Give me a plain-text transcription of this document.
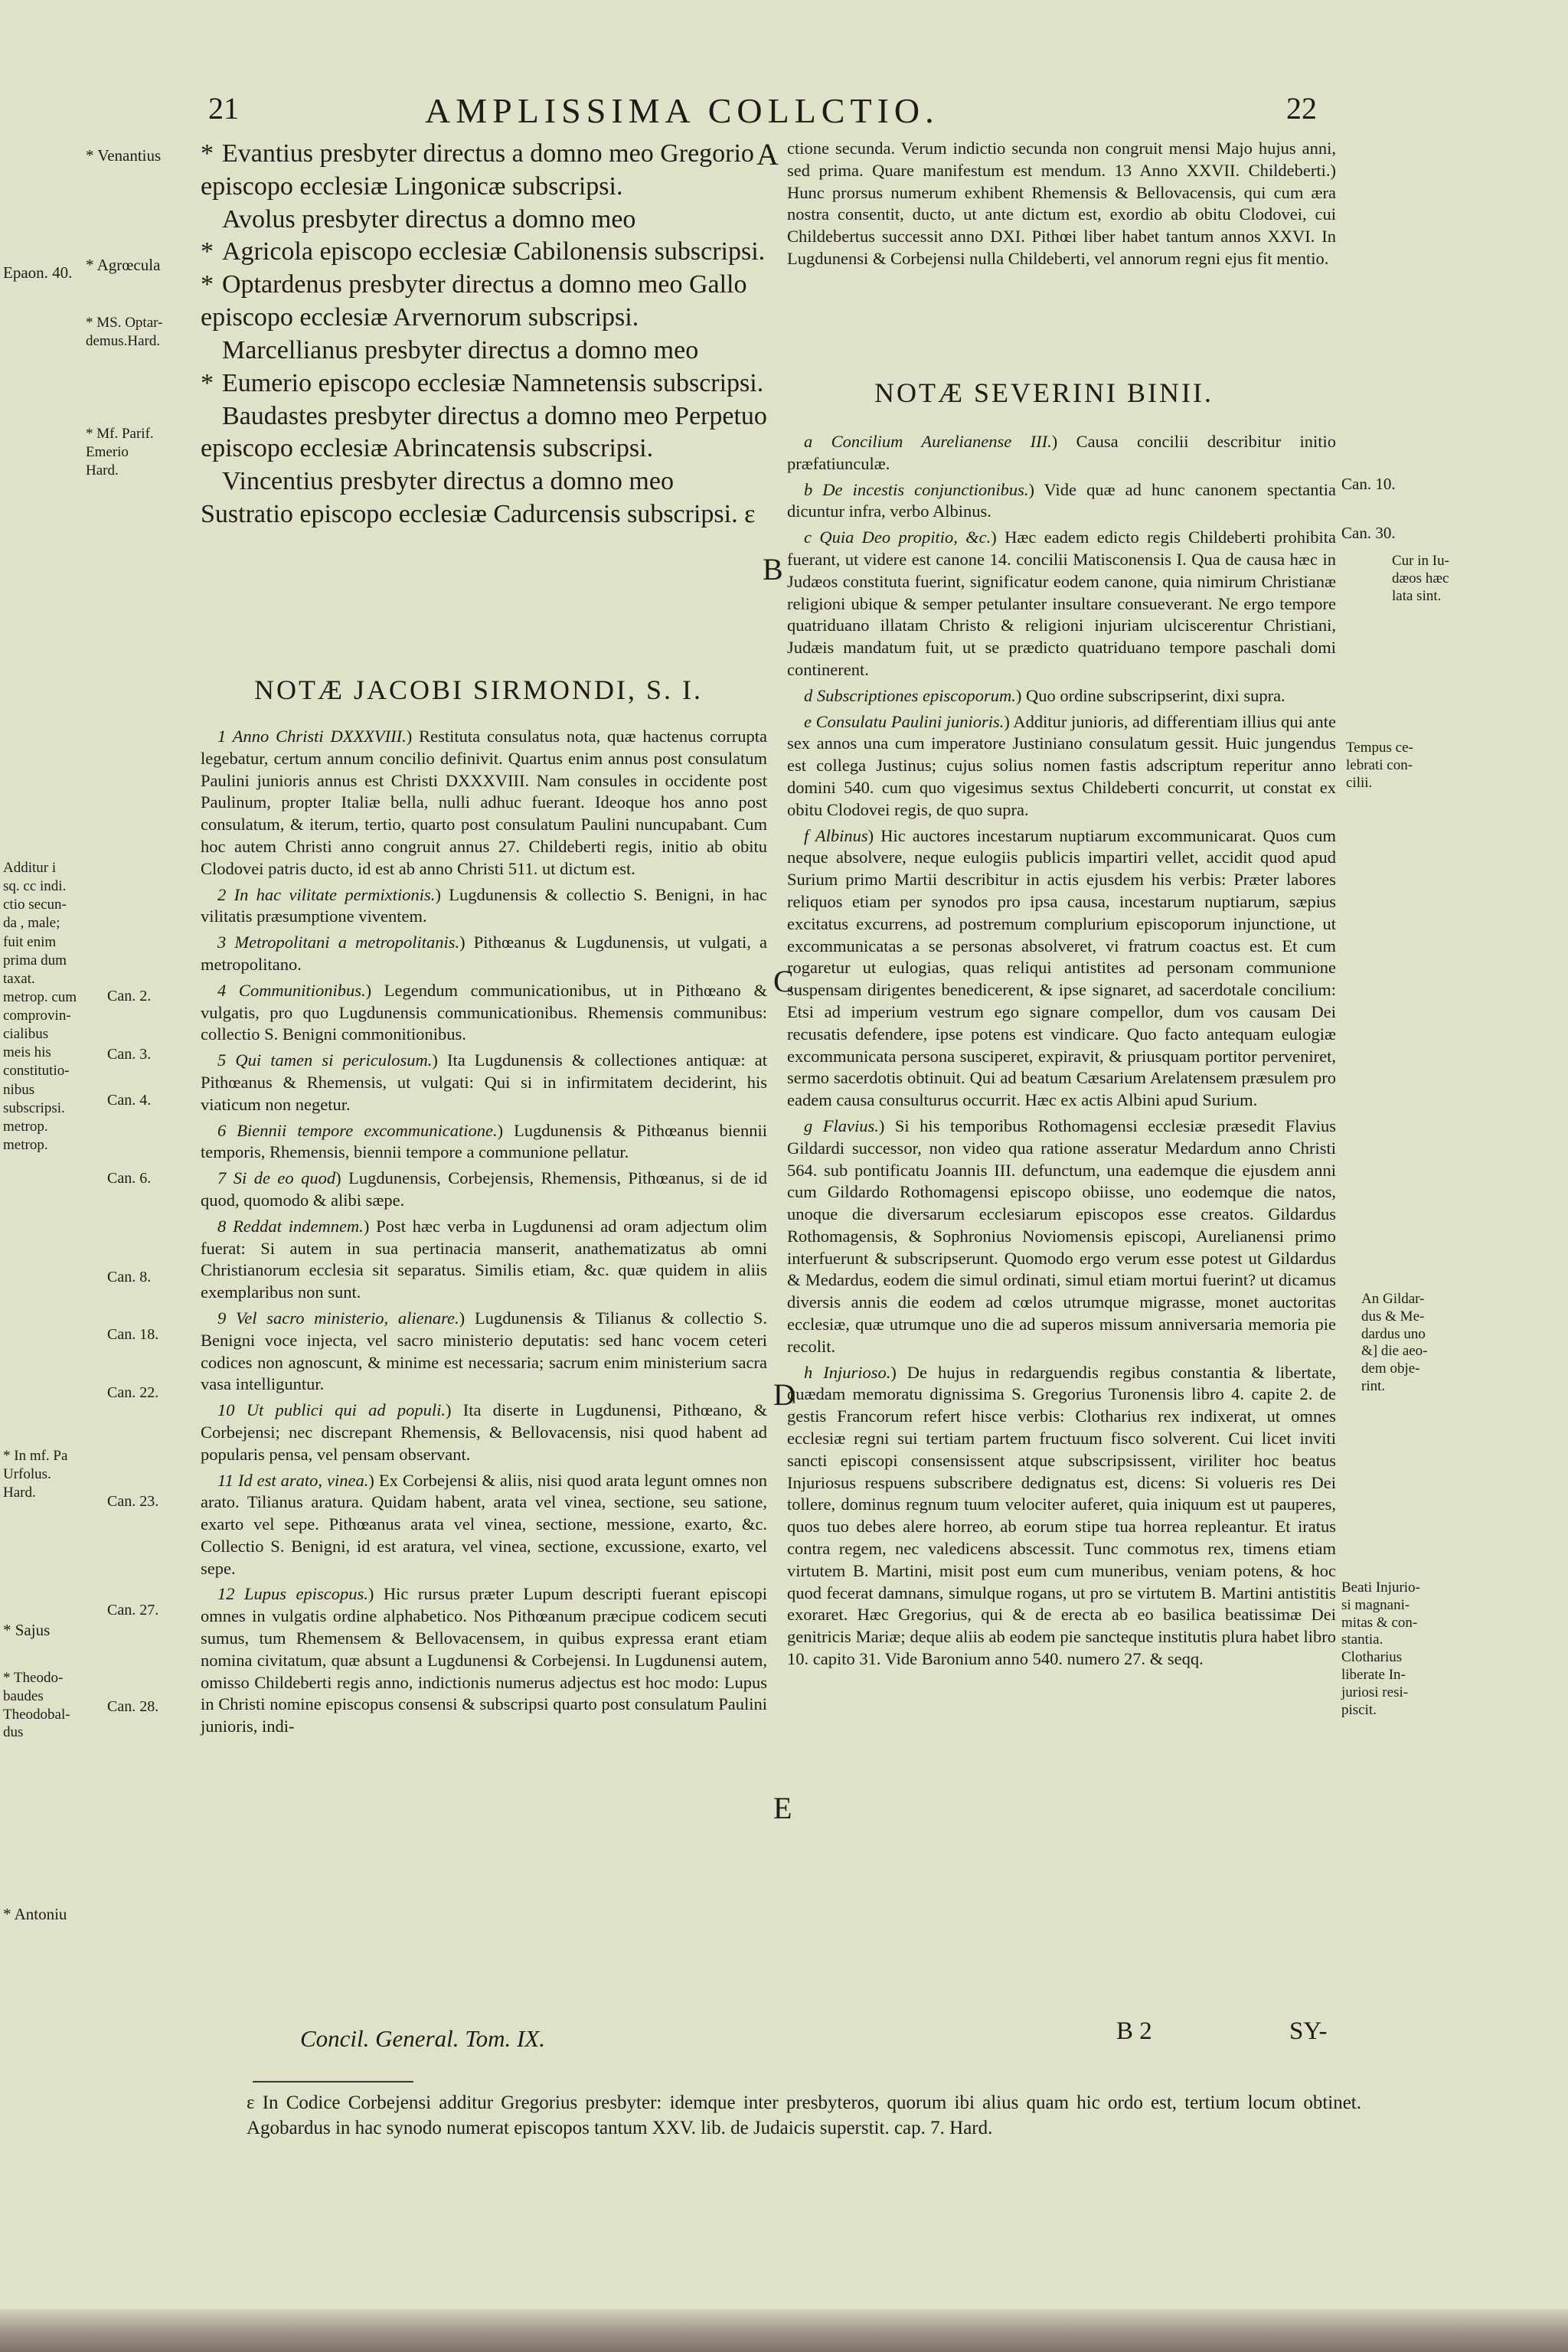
21	AMPLISSIMA COLLCTIO.	22
* Venantius
Epaon. 40. * Agrœcula
* MS. Optar-
demus.Hard.
* Mf. Parif.
Emerio
Hard.
Additur i
sq. cc indi.
ctio secun-
da , male;
fuit enim
prima dum
taxat.
metrop. cum
comprovin-
cialibus
meis his
constitutio-
nibus
subscripsi.
metrop.
metrop.
* In mf. Pa
Urfolus.
Hard.
* Sajus
* Theodo-
baudes
Theodobal-
dus
* Antoniu
Can. 2.
Can. 3.
Can. 4.
Can. 6.
Can. 8.
Can. 18.
Can. 22.
Can. 23.
Can. 27.
Can. 28.
Can. 10.
Can. 30.
Cur in Iu-
dæos hæc
lata sint.
Tempus ce-
lebrati con-
cilii.
An Gildar-
dus & Me-
dardus uno
&] die aeo-
dem obje-
rint.
Beati Injurio-
si magnani-
mitas & con-
stantia.
Clotharius
liberate In-
juriosi resi-
piscit.
A
B
C
D
E
* Evantius presbyter directus a domno meo Gregorio episcopo ecclesiæ Lingonicæ subscripsi.
Avolus presbyter directus a domno meo
* Agricola episcopo ecclesiæ Cabilonensis subscripsi.
* Optardenus presbyter directus a domno meo Gallo episcopo ecclesiæ Arvernorum subscripsi.
Marcellianus presbyter directus a domno meo
* Eumerio episcopo ecclesiæ Namnetensis subscripsi.
Baudastes presbyter directus a domno meo Perpetuo episcopo ecclesiæ Abrincatensis subscripsi.
Vincentius presbyter directus a domno meo Sustratio episcopo ecclesiæ Cadurcensis subscripsi. ε

ctione secunda. Verum indictio secunda non congruit mensi Majo hujus anni, sed prima. Quare manifestum est mendum. 13 Anno XXVII. Childeberti.) Hunc prorsus numerum exhibent Rhemensis & Bellovacensis, qui cum æra nostra consentit, ducto, ut ante dictum est, exordio ab obitu Clodovei, cui Childebertus successit anno DXI. Pithœi liber habet tantum annos XXVI. In Lugdunensi & Corbejensi nulla Childeberti, vel annorum regni ejus fit mentio.

NOTÆ JACOBI SIRMONDI, S. I.
1 Anno Christi DXXXVIII.) Restituta consulatus nota, quæ hactenus corrupta legebatur, certum annum concilio definivit. Quartus enim annus post consulatum Paulini junioris annus est Christi DXXXVIII. Nam consules in occidente post Paulinum, propter Italiæ bella, nulli adhuc fuerant. Ideoque hos anno post consulatum, & iterum, tertio, quarto post consulatum Paulini nuncupabant. Cum hoc autem Christi anno congruit annus 27. Childeberti regis, initio ab obitu Clodovei patris ducto, id est ab anno Christi 511. ut dictum est.
2 In hac vilitate permixtionis.) Lugdunensis & collectio S. Benigni, in hac vilitatis præsumptione viventem.
3 Metropolitani a metropolitanis.) Pithœanus & Lugdunensis, ut vulgati, a metropolitano.
4 Communitionibus.) Legendum communicationibus, ut in Pithœano & vulgatis, pro quo Lugdunensis communicationibus. Rhemensis communibus: collectio S. Benigni commonitionibus.
5 Qui tamen si periculosum.) Ita Lugdunensis & collectiones antiquæ: at Pithœanus & Rhemensis, ut vulgati: Qui si in infirmitatem deciderint, his viaticum non negetur.
6 Biennii tempore excommunicatione.) Lugdunensis & Pithœanus biennii temporis, Rhemensis, biennii tempore a communione pellatur.
7 Si de eo quod) Lugdunensis, Corbejensis, Rhemensis, Pithœanus, si de id quod, quomodo & alibi sæpe.
8 Reddat indemnem.) Post hæc verba in Lugdunensi ad oram adjectum olim fuerat: Si autem in sua pertinacia manserit, anathematizatus ab omni Christianorum ecclesia sit separatus. Similis etiam, &c. quæ quidem in aliis exemplaribus non sunt.
9 Vel sacro ministerio, alienare.) Lugdunensis & Tilianus & collectio S. Benigni voce injecta, vel sacro ministerio deputatis: sed hanc vocem ceteri codices non agnoscunt, & minime est necessaria; sacrum enim ministerium sacra vasa intelliguntur.
10 Ut publici qui ad populi.) Ita diserte in Lugdunensi, Pithœano, & Corbejensi; nec discrepant Rhemensis, & Bellovacensis, nisi quod habent ad popularis pensa, vel pensam observant.
11 Id est arato, vinea.) Ex Corbejensi & aliis, nisi quod arata legunt omnes non arato. Tilianus aratura. Quidam habent, arata vel vinea, sectione, seu satione, exarto vel sepe. Pithœanus arata vel vinea, sectione, messione, exarto, &c. Collectio S. Benigni, id est aratura, vel vinea, sectione, excussione, exarto, vel sepe.
12 Lupus episcopus.) Hic rursus præter Lupum descripti fuerant episcopi omnes in vulgatis ordine alphabetico. Nos Pithœanum præcipue codicem secuti sumus, tum Rhemensem & Bellovacensem, in quibus expressa erant etiam nomina civitatum, quæ absunt a Lugdunensi & Corbejensi. In Lugdunensi autem, omisso Childeberti regis anno, indictionis numerus adjectus est hoc modo: Lupus in Christi nomine episcopus consensi & subscripsi quarto post consulatum Paulini junioris, indi-
NOTÆ SEVERINI BINII.
a Concilium Aurelianense III.) Causa concilii describitur initio præfatiunculæ.
b De incestis conjunctionibus.) Vide quæ ad hunc canonem spectantia dicuntur infra, verbo Albinus.
c Quia Deo propitio, &c.) Hæc eadem edicto regis Childeberti prohibita fuerant, ut videre est canone 14. concilii Matisconensis I. Qua de causa hæc in Judæos constituta fuerint, significatur eodem canone, quia nimirum Christianæ religioni ubique & semper petulanter insultare consueverant. Ne ergo tempore quatriduano illatam Christo & religioni injuriam ulciscerentur Christiani, Judæis mandatum fuit, ut se prædicto quatriduano tempore paschali domi continerent.
d Subscriptiones episcoporum.) Quo ordine subscripserint, dixi supra.
e Consulatu Paulini junioris.) Additur junioris, ad differentiam illius qui ante sex annos una cum imperatore Justiniano consulatum gessit. Huic jungendus est collega Justinus; cujus solius nomen fastis adscriptum reperitur anno domini 540. cum quo vigesimus sextus Childeberti concurrit, ut constat ex obitu Clodovei regis, de quo supra.
f Albinus) Hic auctores incestarum nuptiarum excommunicarat. Quos cum neque absolvere, neque eulogiis publicis impartiri vellet, accidit quod apud Surium primo Martii describitur in actis ejusdem his verbis: Præter labores reliquos etiam per synodos pro ipsa causa, incestarum nuptiarum, sæpius excitatus excurrens, ad postremum complurium episcoporum injunctione, ut excommunicatas a se personas absolveret, vi fratrum coactus est. Et cum rogaretur ut eulogias, quas reliqui antistites ad personam communione suspensam dirigentes benedicerent, & ipse signaret, ad sacerdotale concilium: Etsi ad imperium vestrum ego signare compellor, dum vos causam Dei recusatis defendere, ipse potens est vindicare. Quo facto antequam eulogiæ excommunicata persona susciperet, expiravit, & priusquam portitor perveniret, sermo sacerdotis obtinuit. Qui ad beatum Cæsarium Arelatensem præsulem pro eadem causa consulturus occurrit. Hæc ex actis Albini apud Surium.
g Flavius.) Si his temporibus Rothomagensi ecclesiæ præsedit Flavius Gildardi successor, non video qua ratione asseratur Medardum anno Christi 564. sub pontificatu Joannis III. defunctum, una eademque die ejusdem anni cum Gildardo Rothomagensi episcopo obiisse, uno eodemque die natos, unoque die diversarum ecclesiarum episcopos esse creatos. Gildardus Rothomagensis, & Sophronius Noviomensis episcopi, Aurelianensi primo interfuerunt & subscripserunt. Quomodo ergo verum esse potest ut Gildardus & Medardus, eodem die simul ordinati, simul etiam mortui fuerint? ut dicamus diversis annis die eodem ad cœlos utrumque migrasse, monet auctoritas ecclesiæ, quæ utrumque uno die ad superos missum anniversaria memoria pie recolit.
h Injurioso.) De hujus in redarguendis regibus constantia & libertate, quædam memoratu dignissima S. Gregorius Turonensis libro 4. capite 2. de gestis Francorum refert hisce verbis: Clotharius rex indixerat, ut omnes ecclesiæ regni sui tertiam partem fructuum fisco solverent. Cui licet inviti sancti episcopi consensissent atque subscripsissent, viriliter hoc beatus Injuriosus respuens subscribere dedignatus est, dicens: Si volueris res Dei tollere, dominus regnum tuum velociter auferet, quia iniquum est ut pauperes, quos tuo debes alere horreo, ab eorum stipe tua horrea repleantur. Et iratus contra regem, nec valedicens abscessit. Tunc commotus rex, timens etiam virtutem B. Martini, misit post eum cum muneribus, veniam potens, & hoc quod fecerat damnans, simulque rogans, ut pro se virtutem B. Martini antistitis exoraret. Hæc Gregorius, qui & de erecta ab eo basilica beatissimæ Dei genitricis Mariæ; deque aliis ab eodem pie sancteque institutis plura habet libro 10. capito 31. Vide Baronium anno 540. numero 27. & seqq.
Concil. General. Tom. IX.	B 2	SY-

ε In Codice Corbejensi additur Gregorius presbyter: idemque inter presbyteros, quorum ibi alius quam hic ordo est, tertium locum obtinet. Agobardus in hac synodo numerat episcopos tantum XXV. lib. de Judaicis superstit. cap. 7. Hard.
